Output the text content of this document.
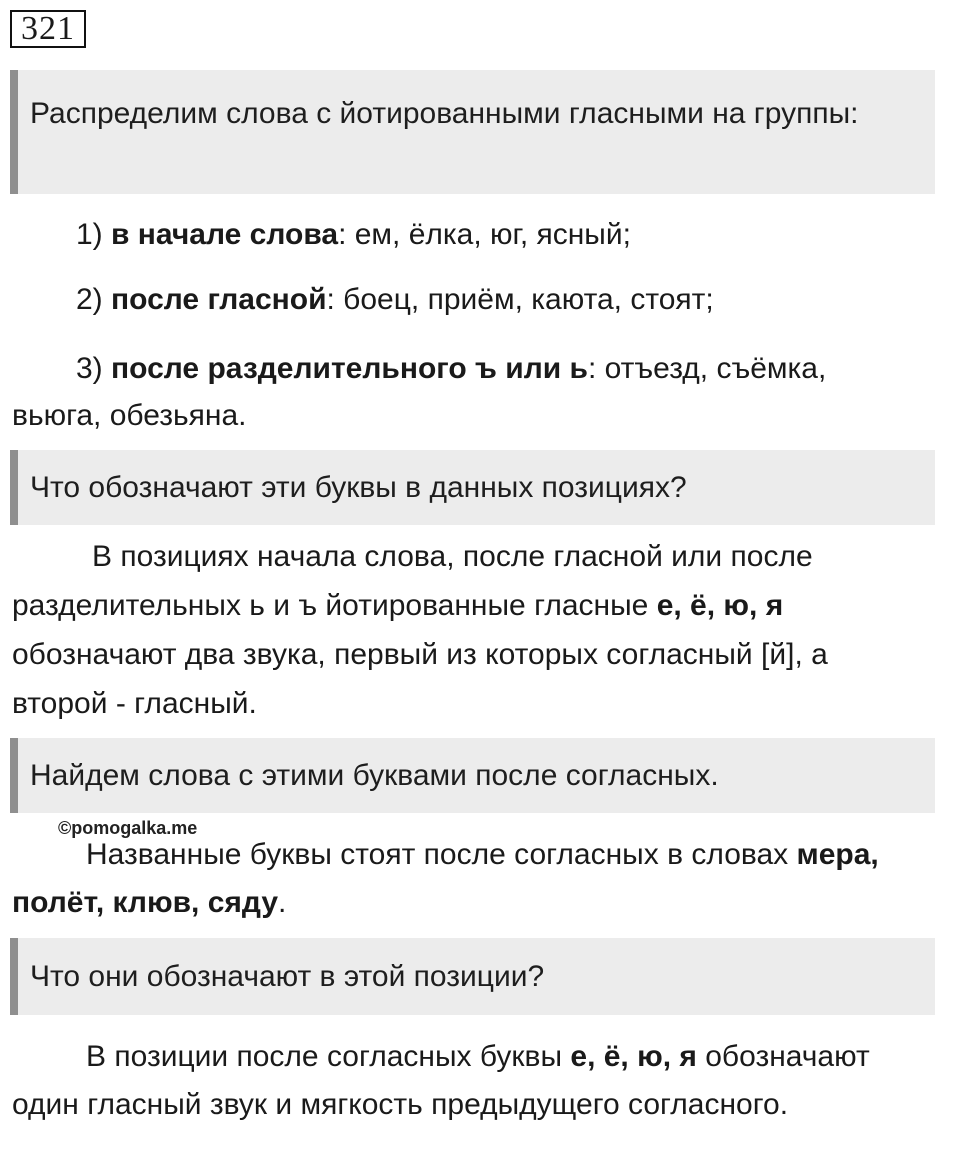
321
Распределим слова с йотированными гласными на группы:

1) в начале слова: ем, ёлка, юг, ясный;

2) после гласной: боец, приём, каюта, стоят;

3) после разделительного ъ или ь: отъезд, съёмка,
вьюга, обезьяна.

Что обозначают эти буквы в данных позициях?

В позициях начала слова, после гласной или после
разделительных ь и ъ йотированные гласные е, ё, ю, я
обозначают два звука, первый из которых согласный [й], а
второй - гласный.

Найдем слова с этими буквами после согласных.
©pomogalka.me

Названные буквы стоят после согласных в словах мера,
полёт, клюв, сяду.

Что они обозначают в этой позиции?

В позиции после согласных буквы е, ё, ю, я обозначают
один гласный звук и мягкость предыдущего согласного.
